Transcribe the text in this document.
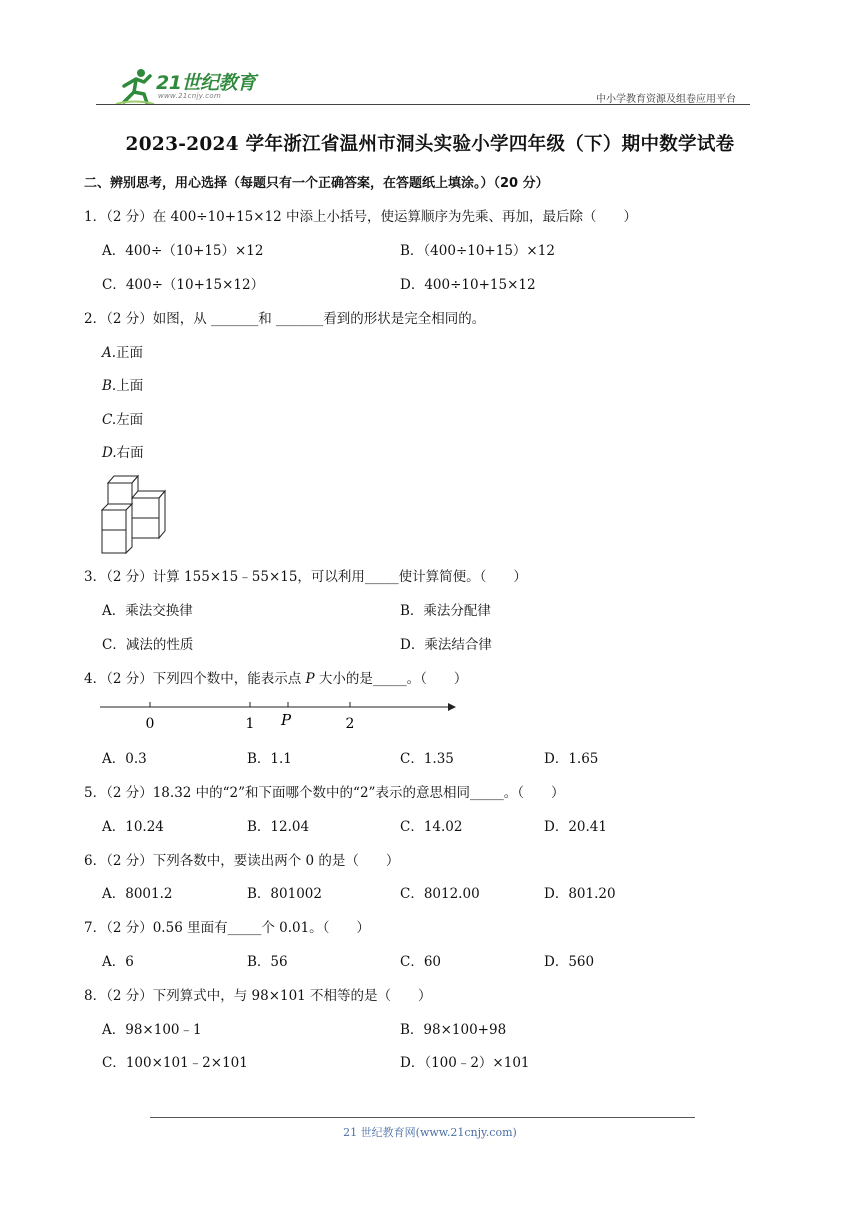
21世纪教育
www.21cnjy.com	中小学教育资源及组卷应用平台
2023-2024 学年浙江省温州市洞头实验小学四年级（下）期中数学试卷
二、辨别思考，用心选择（每题只有一个正确答案，在答题纸上填涂。）（20 分）
1．（2 分）在 400÷10+15×12 中添上小括号，使运算顺序为先乘、再加，最后除（　　）
A．400÷（10+15）×12	B．（400÷10+15）×12
C．400÷（10+15×12）	D．400÷10+15×12
2．（2 分）如图，从 _______和 _______看到的形状是完全相同的。
A.正面
B.上面
C.左面
D.右面
3．（2 分）计算 155×15﹣55×15，可以利用_____使计算简便。（　　）
A．乘法交换律	B．乘法分配律
C．减法的性质	D．乘法结合律
4．（2 分）下列四个数中，能表示点 P 大小的是_____。（　　）
0	1	2
P
A．0.3	B．1.1	C．1.35	D．1.65
5．（2 分）18.32 中的“2”和下面哪个数中的“2”表示的意思相同_____。（　　）
A．10.24	B．12.04	C．14.02	D．20.41
6．（2 分）下列各数中，要读出两个 0 的是（　　）
A．8001.2	B．801002	C．8012.00	D．801.20
7．（2 分）0.56 里面有_____个 0.01。（　　）
A．6	B．56	C．60	D．560
8．（2 分）下列算式中，与 98×101 不相等的是（　　）
A．98×100﹣1	B．98×100+98
C．100×101﹣2×101	D．（100﹣2）×101
21 世纪教育网(www.21cnjy.com)
